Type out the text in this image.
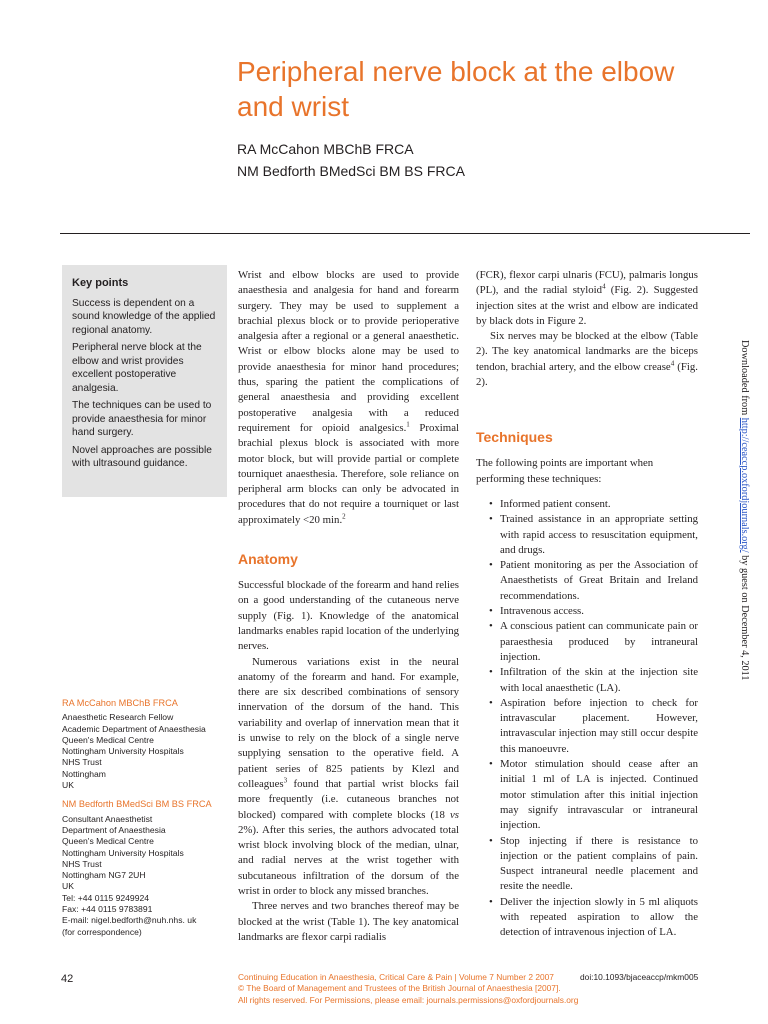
Peripheral nerve block at the elbow and wrist
RA McCahon MBChB FRCA
NM Bedforth BMedSci BM BS FRCA
Key points

Success is dependent on a sound knowledge of the applied regional anatomy.

Peripheral nerve block at the elbow and wrist provides excellent postoperative analgesia.

The techniques can be used to provide anaesthesia for minor hand surgery.

Novel approaches are possible with ultrasound guidance.

RA McCahon MBChB FRCA
Anaesthetic Research Fellow
Academic Department of Anaesthesia
Queen's Medical Centre
Nottingham University Hospitals
NHS Trust
Nottingham
UK
NM Bedforth BMedSci BM BS FRCA
Consultant Anaesthetist
Department of Anaesthesia
Queen's Medical Centre
Nottingham University Hospitals
NHS Trust
Nottingham NG7 2UH
UK
Tel: +44 0115 9249924
Fax: +44 0115 9783891
E-mail: nigel.bedforth@nuh.nhs. uk
(for correspondence)

Wrist and elbow blocks are used to provide anaesthesia and analgesia for hand and forearm surgery. They may be used to supplement a brachial plexus block or to provide perioperative analgesia after a regional or a general anaesthetic. Wrist or elbow blocks alone may be used to provide anaesthesia for minor hand procedures; thus, sparing the patient the complications of general anaesthesia and providing excellent postoperative analgesia with a reduced requirement for opioid analgesics.$^1$ Proximal brachial plexus block is associated with more motor block, but will provide partial or complete tourniquet anaesthesia. Therefore, sole reliance on peripheral arm blocks can only be advocated in procedures that do not require a tourniquet or last approximately <20 min.$^2$

Anatomy

Successful blockade of the forearm and hand relies on a good understanding of the cutaneous nerve supply (Fig. 1). Knowledge of the anatomical landmarks enables rapid location of the underlying nerves.

Numerous variations exist in the neural anatomy of the forearm and hand. For example, there are six described combinations of sensory innervation of the dorsum of the hand. This variability and overlap of innervation mean that it is unwise to rely on the block of a single nerve supplying sensation to the operative field. A patient series of 825 patients by Klezl and colleagues$^3$ found that partial wrist blocks fail more frequently (i.e. cutaneous branches not blocked) compared with complete blocks (18 vs 2%). After this series, the authors advocated total wrist block involving block of the median, ulnar, and radial nerves at the wrist together with subcutaneous infiltration of the dorsum of the wrist in order to block any missed branches.

Three nerves and two branches thereof may be blocked at the wrist (Table 1). The key anatomical landmarks are flexor carpi radialis

(FCR), flexor carpi ulnaris (FCU), palmaris longus (PL), and the radial styloid$^4$ (Fig. 2). Suggested injection sites at the wrist and elbow are indicated by black dots in Figure 2.

Six nerves may be blocked at the elbow (Table 2). The key anatomical landmarks are the biceps tendon, brachial artery, and the elbow crease$^4$ (Fig. 2).

Techniques

The following points are important when performing these techniques:

• Informed patient consent.
• Trained assistance in an appropriate setting with rapid access to resuscitation equipment, and drugs.
• Patient monitoring as per the Association of Anaesthetists of Great Britain and Ireland recommendations.
• Intravenous access.
• A conscious patient can communicate pain or paraesthesia produced by intraneural injection.
• Infiltration of the skin at the injection site with local anaesthetic (LA).
• Aspiration before injection to check for intravascular placement. However, intravascular injection may still occur despite this manoeuvre.
• Motor stimulation should cease after an initial 1 ml of LA is injected. Continued motor stimulation after this initial injection may signify intravascular or intraneural injection.
• Stop injecting if there is resistance to injection or the patient complains of pain. Suspect intraneural needle placement and resite the needle.
• Deliver the injection slowly in 5 ml aliquots with repeated aspiration to allow the detection of intravenous injection of LA.
Downloaded from http://ceaccp.oxfordjournals.org/ by guest on December 4, 2011
42	Continuing Education in Anaesthesia, Critical Care & Pain | Volume 7 Number 2 2007	doi:10.1093/bjaceaccp/mkm005
© The Board of Management and Trustees of the British Journal of Anaesthesia [2007].
All rights reserved. For Permissions, please email: journals.permissions@oxfordjournals.org
